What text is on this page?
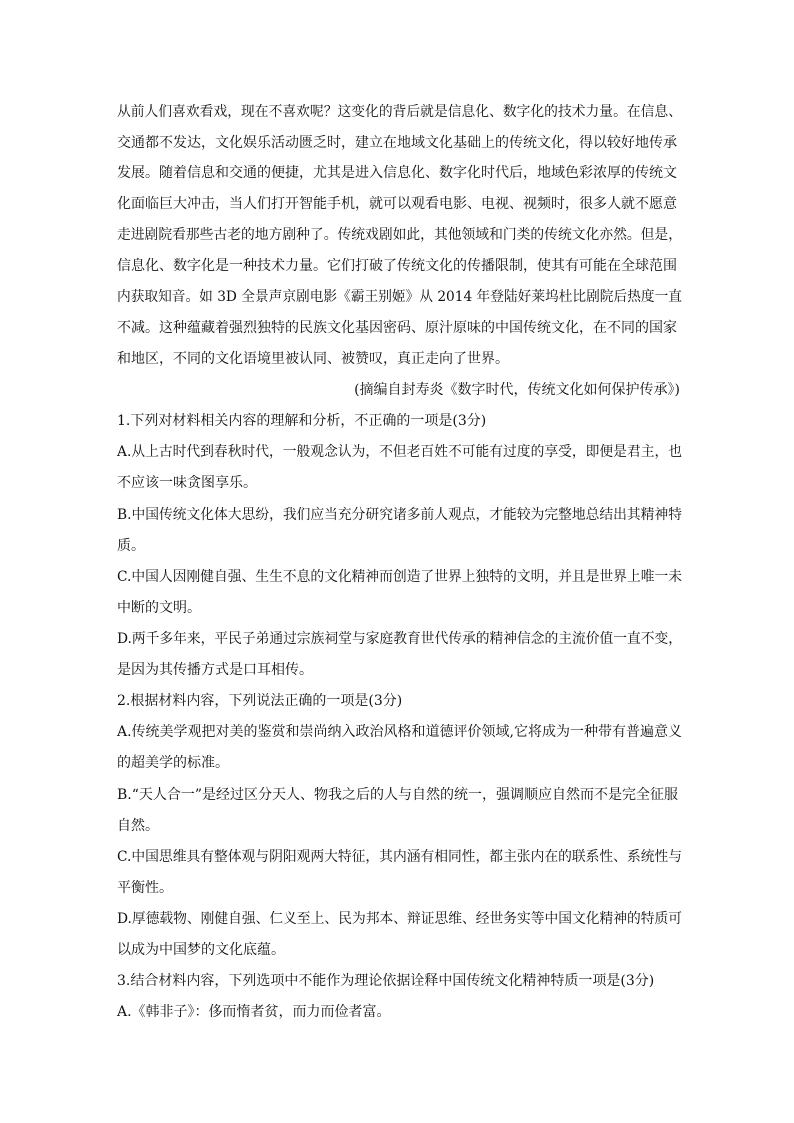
从前人们喜欢看戏，现在不喜欢呢？这变化的背后就是信息化、数字化的技术力量。在信息、
交通都不发达，文化娱乐活动匮乏时，建立在地域文化基础上的传统文化，得以较好地传承
发展。随着信息和交通的便捷，尤其是进入信息化、数字化时代后，地域色彩浓厚的传统文
化面临巨大冲击，当人们打开智能手机，就可以观看电影、电视、视频时，很多人就不愿意
走进剧院看那些古老的地方剧种了。传统戏剧如此，其他领域和门类的传统文化亦然。但是，
信息化、数字化是一种技术力量。它们打破了传统文化的传播限制，使其有可能在全球范围
内获取知音。如 3D 全景声京剧电影《霸王别姬》从 2014 年登陆好莱坞杜比剧院后热度一直
不减。这种蕴藏着强烈独特的民族文化基因密码、原汁原味的中国传统文化，在不同的国家
和地区，不同的文化语境里被认同、被赞叹，真正走向了世界。
(摘编自封寿炎《数字时代，传统文化如何保护传承》)
1.下列对材料相关内容的理解和分析，不正确的一项是(3分)
A.从上古时代到春秋时代，一般观念认为，不但老百姓不可能有过度的享受，即便是君主，也
不应该一味贪图享乐。
B.中国传统文化体大思纷，我们应当充分研究诸多前人观点，才能较为完整地总结出其精神特
质。
C.中国人因刚健自强、生生不息的文化精神而创造了世界上独特的文明，并且是世界上唯一未
中断的文明。
D.两千多年来，平民子弟通过宗族祠堂与家庭教育世代传承的精神信念的主流价值一直不变，
是因为其传播方式是口耳相传。
2.根据材料内容，下列说法正确的一项是(3分)
A.传统美学观把对美的鉴赏和崇尚纳入政治风格和道德评价领域,它将成为一种带有普遍意义
的超美学的标准。
B.“天人合一”是经过区分天人、物我之后的人与自然的统一，强调顺应自然而不是完全征服
自然。
C.中国思维具有整体观与阴阳观两大特征，其内涵有相同性，都主张内在的联系性、系统性与
平衡性。
D.厚德载物、刚健自强、仁义至上、民为邦本、辩证思维、经世务实等中国文化精神的特质可
以成为中国梦的文化底蕴。
3.结合材料内容，下列选项中不能作为理论依据诠释中国传统文化精神特质一项是(3分)
A.《韩非子》：侈而惰者贫，而力而俭者富。
